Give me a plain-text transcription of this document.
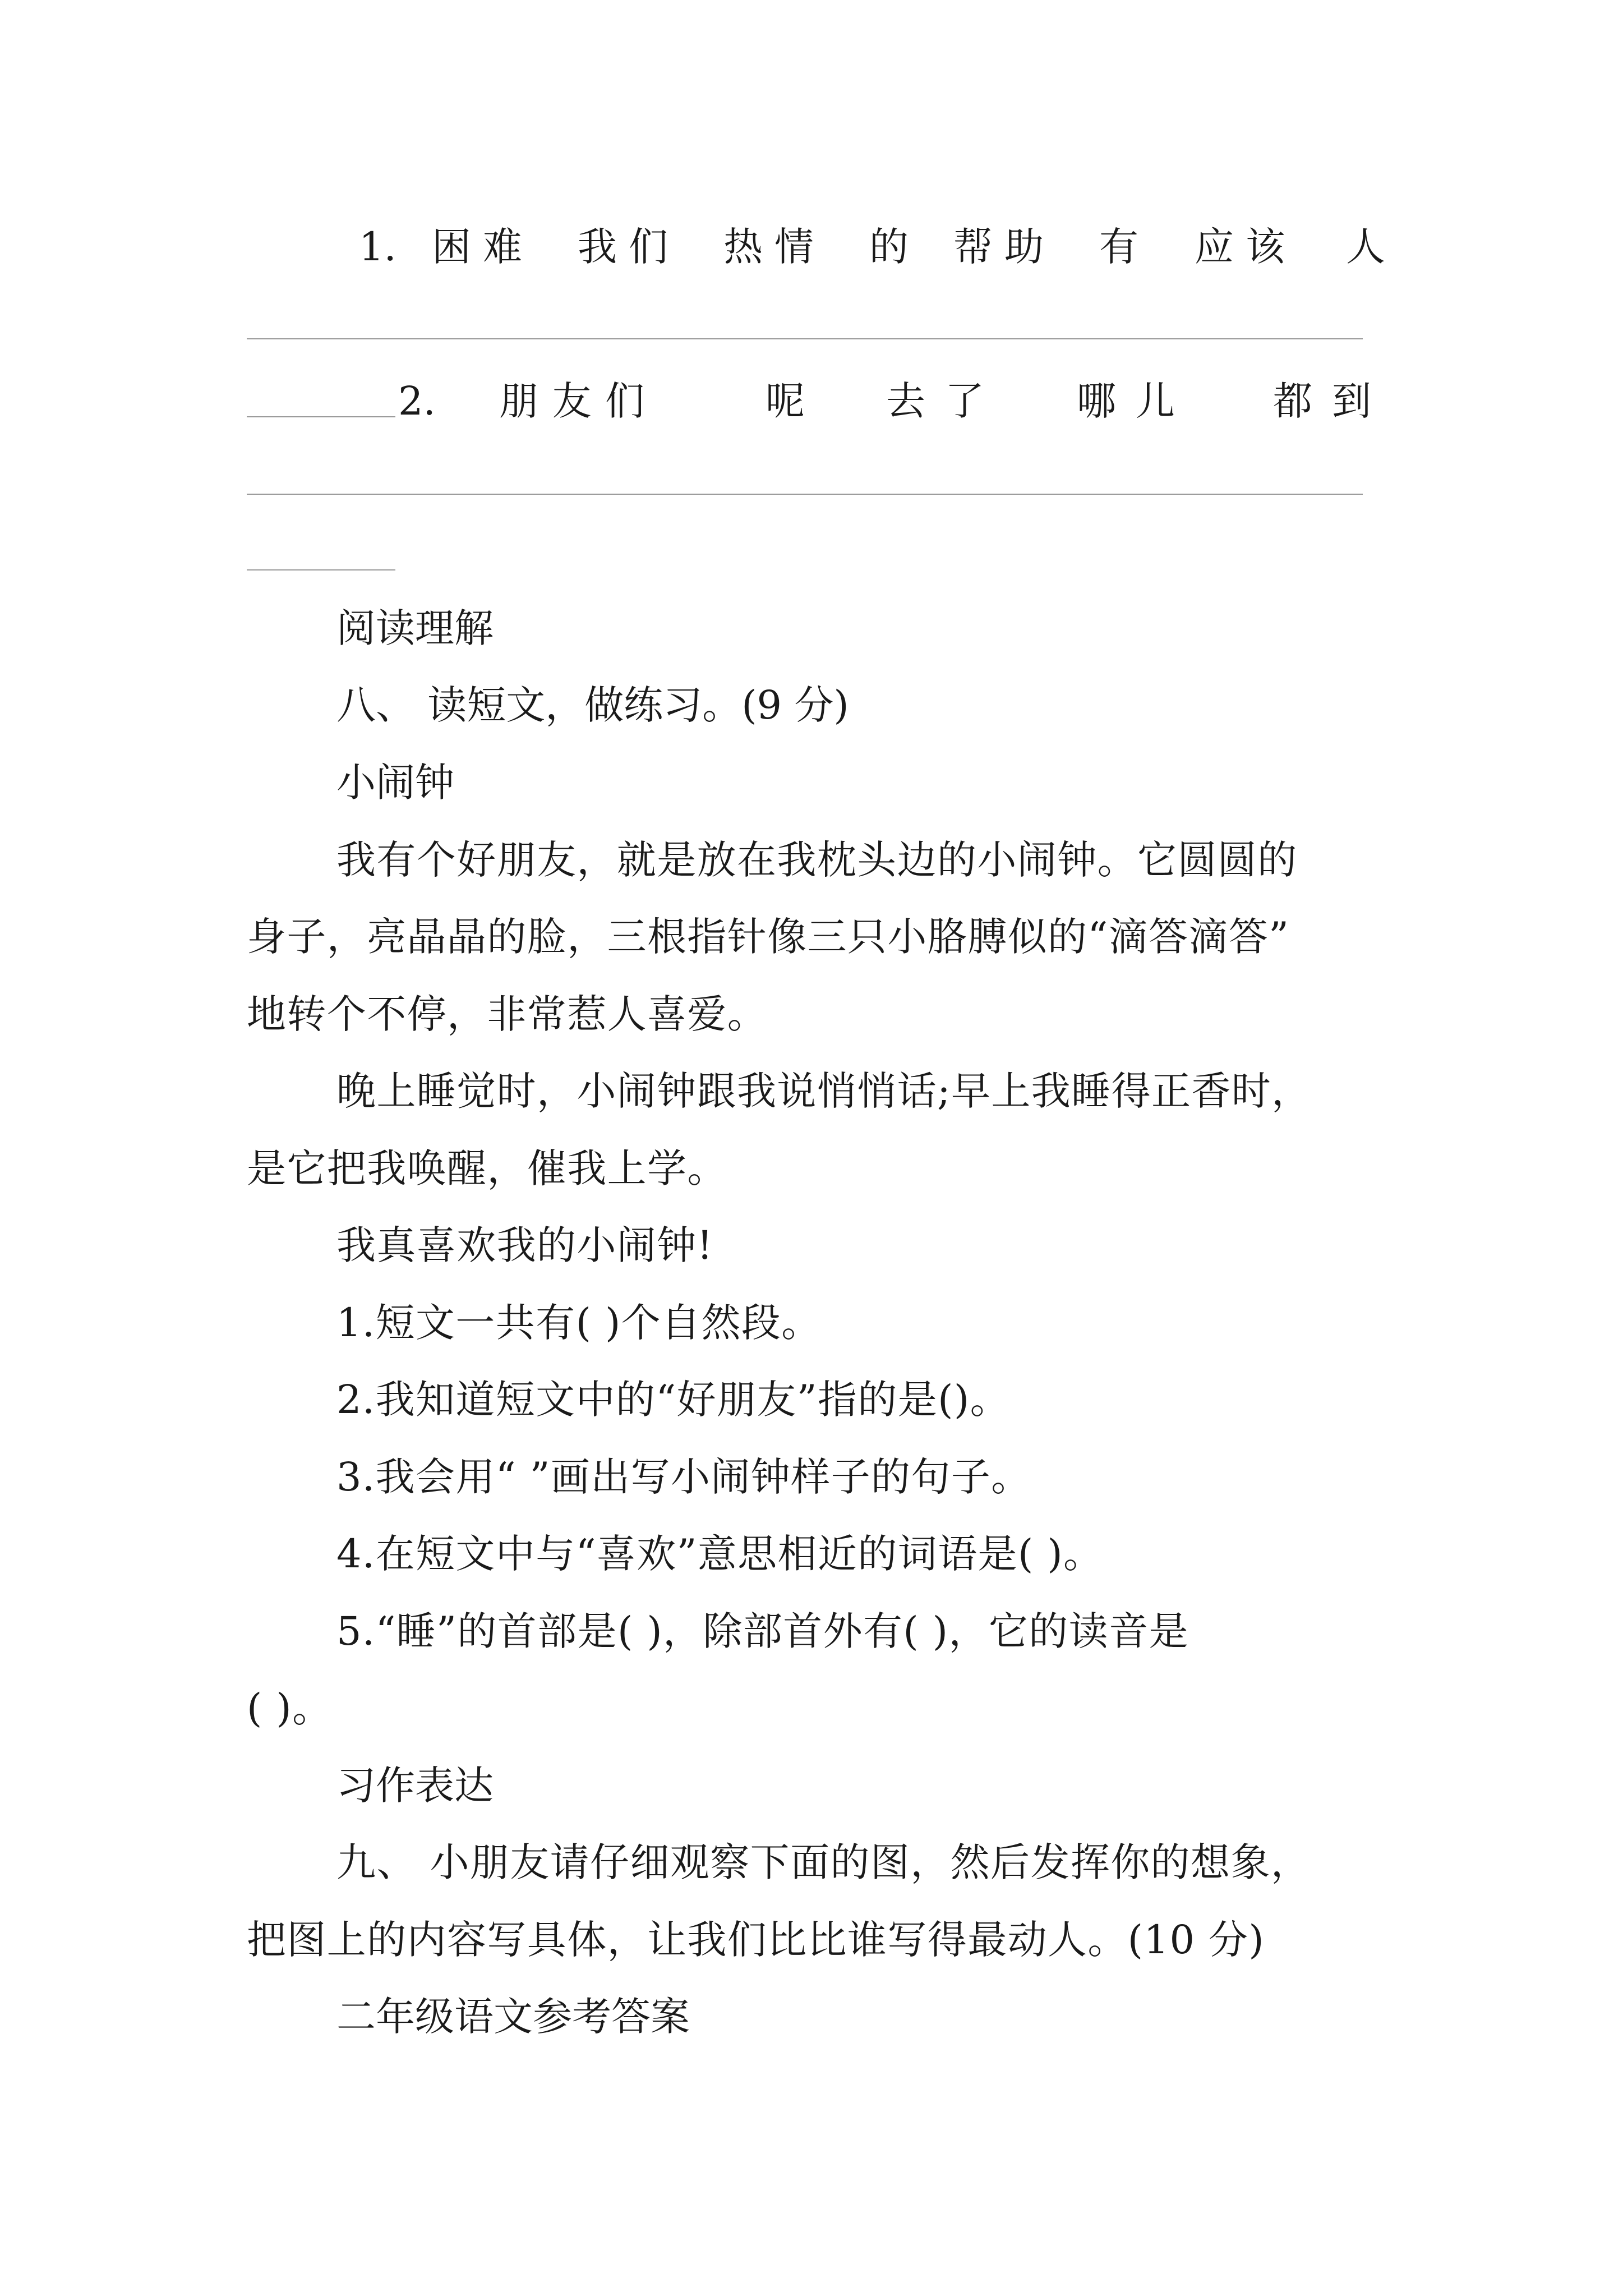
1. 困难 我们 热情 的 帮助 有 应该 人
2. 朋友们	呢 去了 哪儿 都到
阅读理解
八、 读短文，做练习。(9 分)
小闹钟
我有个好朋友，就是放在我枕头边的小闹钟。它圆圆的
身子，亮晶晶的脸，三根指针像三只小胳膊似的“滴答滴答”
地转个不停，非常惹人喜爱。
晚上睡觉时，小闹钟跟我说悄悄话;早上我睡得正香时，
是它把我唤醒，催我上学。
我真喜欢我的小闹钟!
1.短文一共有( )个自然段。
2.我知道短文中的“好朋友”指的是()。
3.我会用“ ”画出写小闹钟样子的句子。
4.在短文中与“喜欢”意思相近的词语是( )。
5.“睡”的首部是( )，除部首外有( )，它的读音是
( )。
习作表达
九、 小朋友请仔细观察下面的图，然后发挥你的想象，
把图上的内容写具体，让我们比比谁写得最动人。(10 分)
二年级语文参考答案
